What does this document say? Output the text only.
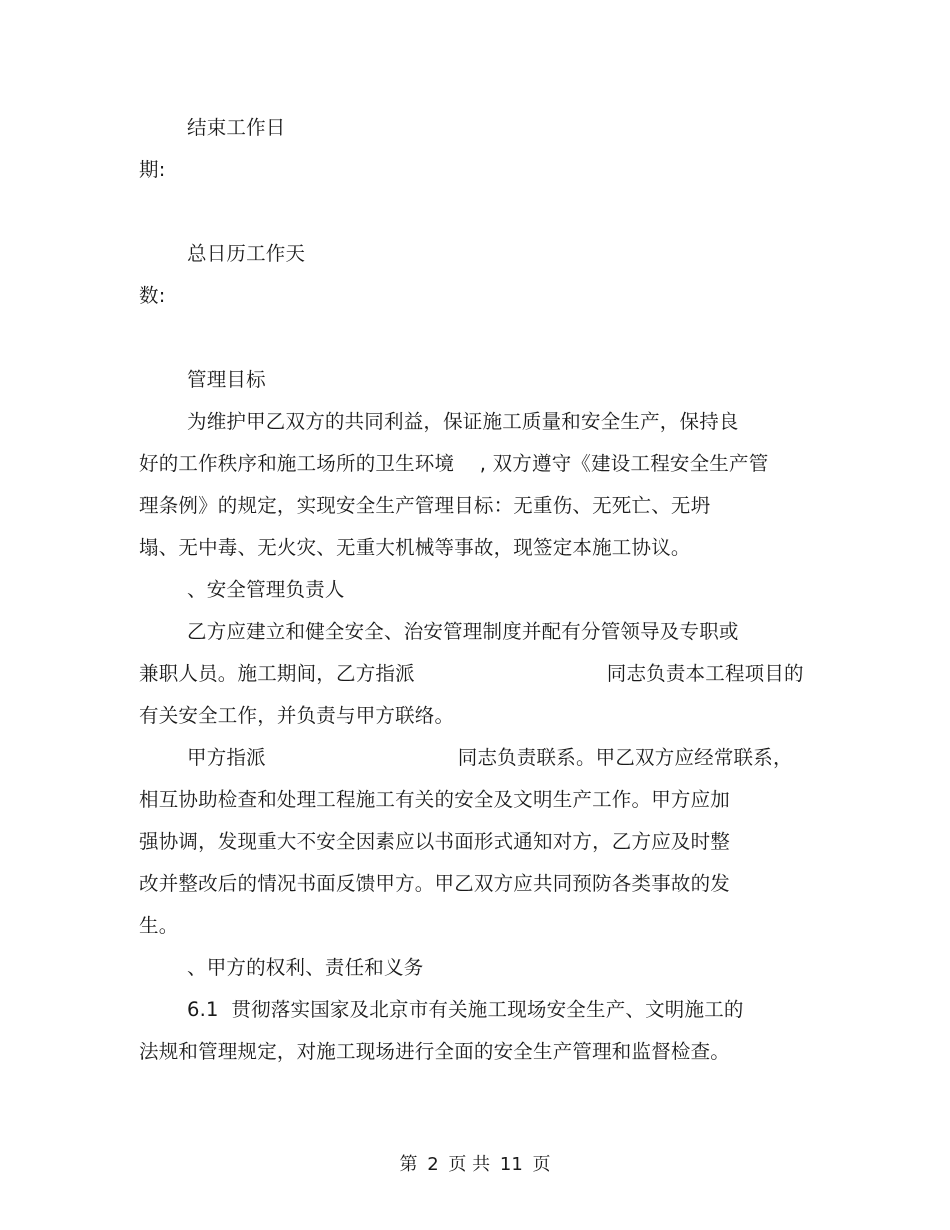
结束工作日
期:
总日历工作天
数:
管理目标
为维护甲乙双方的共同利益，保证施工质量和安全生产，保持良
好的工作秩序和施工场所的卫生环境    , 双方遵守《建设工程安全生产管
理条例》的规定，实现安全生产管理目标：无重伤、无死亡、无坍
塌、无中毒、无火灾、无重大机械等事故，现签定本施工协议。
、安全管理负责人
乙方应建立和健全安全、治安管理制度并配有分管领导及专职或
兼职人员。施工期间，乙方指派                              同志负责本工程项目的
有关安全工作，并负责与甲方联络。
甲方指派                              同志负责联系。甲乙双方应经常联系，
相互协助检查和处理工程施工有关的安全及文明生产工作。甲方应加
强协调，发现重大不安全因素应以书面形式通知对方，乙方应及时整
改并整改后的情况书面反馈甲方。甲乙双方应共同预防各类事故的发
生。
、甲方的权利、责任和义务
6.1  贯彻落实国家及北京市有关施工现场安全生产、文明施工的
法规和管理规定，对施工现场进行全面的安全生产管理和监督检查。
第 2 页 共 11 页
